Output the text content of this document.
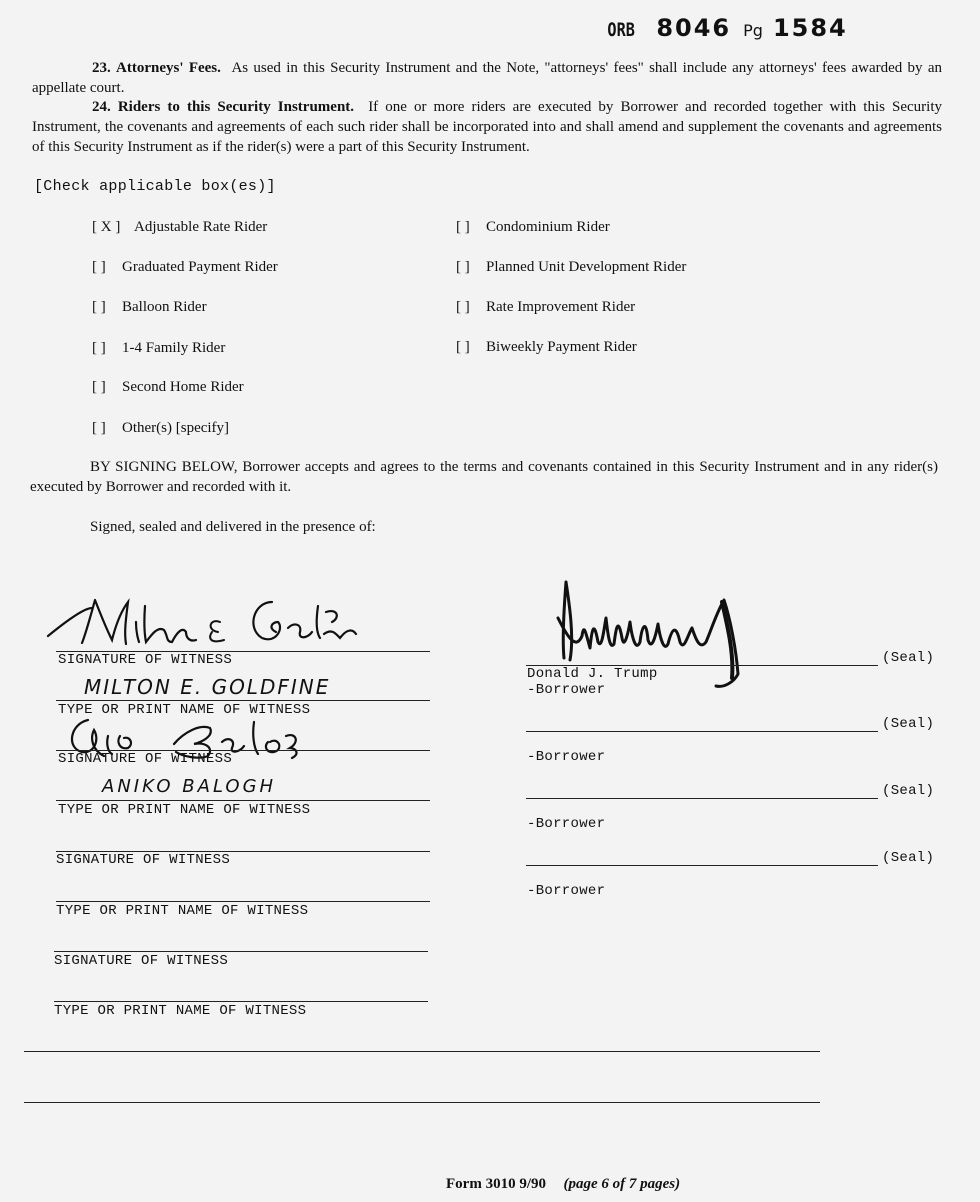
ORB 8046 Pg 1584
23. Attorneys' Fees. As used in this Security Instrument and the Note, "attorneys' fees" shall include any attorneys' fees awarded by an appellate court.
24. Riders to this Security Instrument. If one or more riders are executed by Borrower and recorded together with this Security Instrument, the covenants and agreements of each such rider shall be incorporated into and shall amend and supplement the covenants and agreements of this Security Instrument as if the rider(s) were a part of this Security Instrument.
[Check applicable box(es)]
[ X ] Adjustable Rate Rider
[ ] Graduated Payment Rider
[ ] Balloon Rider
[ ] 1-4 Family Rider
[ ] Second Home Rider
[ ] Other(s) [specify]
[ ] Condominium Rider
[ ] Planned Unit Development Rider
[ ] Rate Improvement Rider
[ ] Biweekly Payment Rider
BY SIGNING BELOW, Borrower accepts and agrees to the terms and covenants contained in this Security Instrument and in any rider(s) executed by Borrower and recorded with it.
Signed, sealed and delivered in the presence of:
SIGNATURE OF WITNESS
MILTON E. GOLDFINE
TYPE OR PRINT NAME OF WITNESS
SIGNATURE OF WITNESS
ANIKO BALOGH
TYPE OR PRINT NAME OF WITNESS
SIGNATURE OF WITNESS
TYPE OR PRINT NAME OF WITNESS
SIGNATURE OF WITNESS
TYPE OR PRINT NAME OF WITNESS
(Seal)
Donald J. Trump
-Borrower
(Seal)
-Borrower
(Seal)
-Borrower
(Seal)
-Borrower
Form 3010 9/90 (page 6 of 7 pages)
